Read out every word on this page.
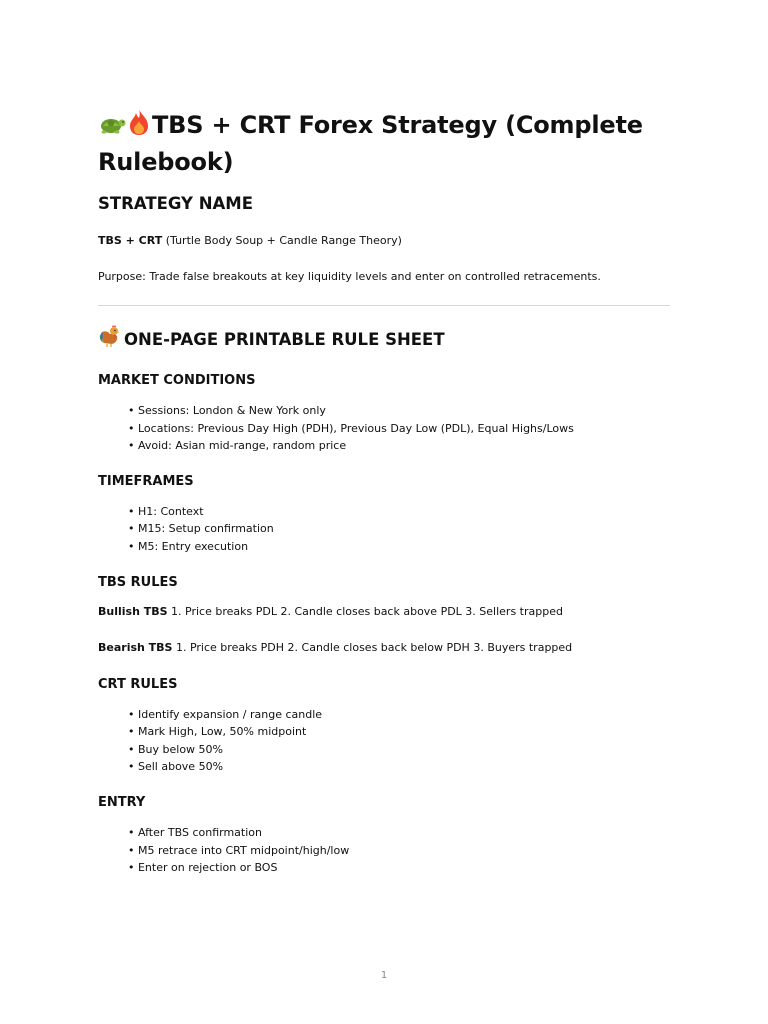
TBS + CRT Forex Strategy (Complete Rulebook)
STRATEGY NAME

TBS + CRT (Turtle Body Soup + Candle Range Theory)

Purpose: Trade false breakouts at key liquidity levels and enter on controlled retracements.

ONE-PAGE PRINTABLE RULE SHEET
MARKET CONDITIONS
• Sessions: London & New York only
• Locations: Previous Day High (PDH), Previous Day Low (PDL), Equal Highs/Lows
• Avoid: Asian mid-range, random price
TIMEFRAMES
• H1: Context
• M15: Setup confirmation
• M5: Entry execution
TBS RULES

Bullish TBS 1. Price breaks PDL 2. Candle closes back above PDL 3. Sellers trapped

Bearish TBS 1. Price breaks PDH 2. Candle closes back below PDH 3. Buyers trapped

CRT RULES
• Identify expansion / range candle
• Mark High, Low, 50% midpoint
• Buy below 50%
• Sell above 50%
ENTRY
• After TBS confirmation
• M5 retrace into CRT midpoint/high/low
• Enter on rejection or BOS
1
